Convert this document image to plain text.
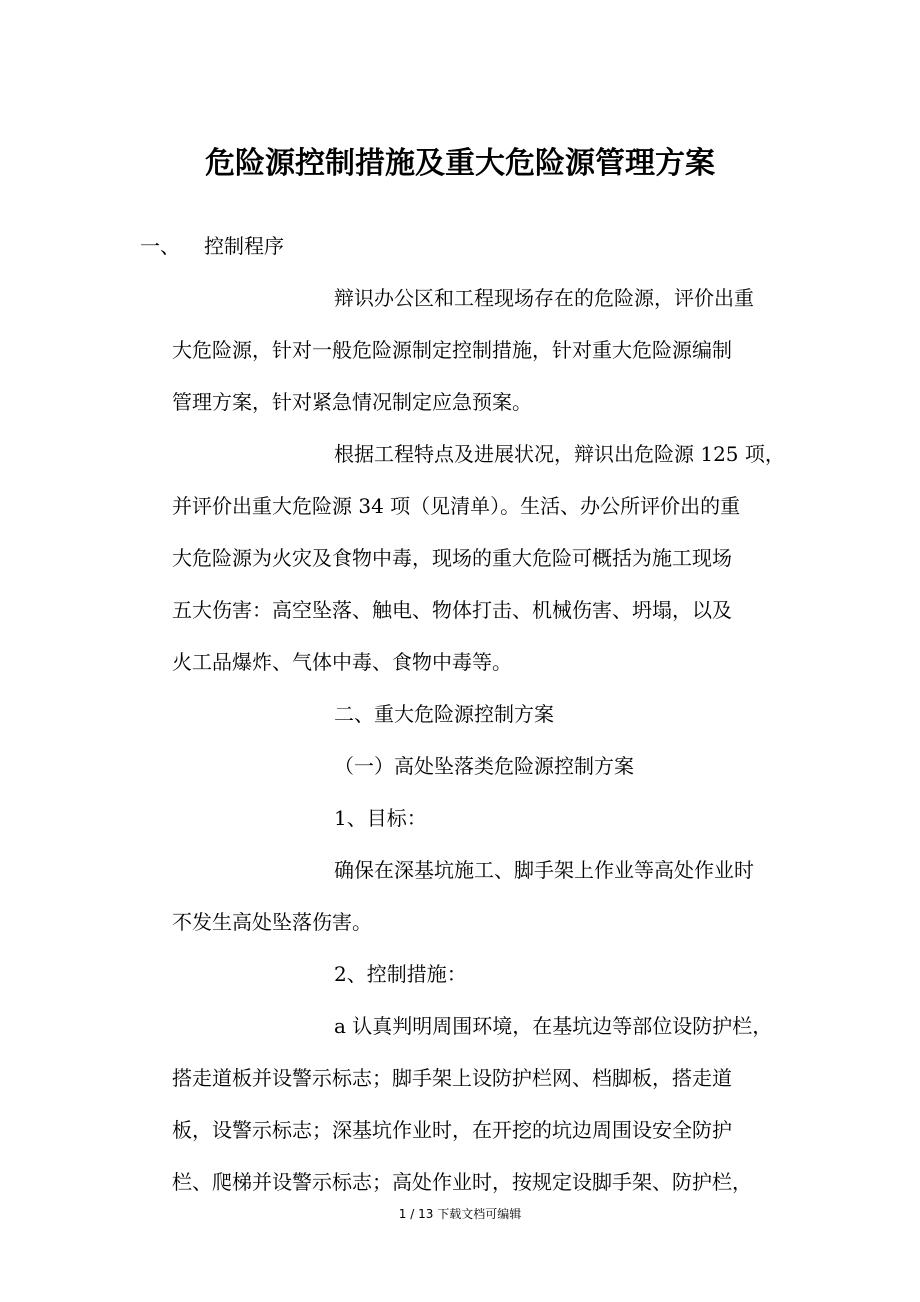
危险源控制措施及重大危险源管理方案
一、 控制程序
辩识办公区和工程现场存在的危险源，评价出重
大危险源，针对一般危险源制定控制措施，针对重大危险源编制
管理方案，针对紧急情况制定应急预案。
根据工程特点及进展状况，辩识出危险源 125 项，
并评价出重大危险源 34 项（见清单）。生活、办公所评价出的重
大危险源为火灾及食物中毒，现场的重大危险可概括为施工现场
五大伤害：高空坠落、触电、物体打击、机械伤害、坍塌，以及
火工品爆炸、气体中毒、食物中毒等。
二、重大危险源控制方案
（一）高处坠落类危险源控制方案
1、目标：
确保在深基坑施工、脚手架上作业等高处作业时
不发生高处坠落伤害。
2、控制措施：
a 认真判明周围环境，在基坑边等部位设防护栏，
搭走道板并设警示标志；脚手架上设防护栏网、档脚板，搭走道
板，设警示标志；深基坑作业时，在开挖的坑边周围设安全防护
栏、爬梯并设警示标志；高处作业时，按规定设脚手架、防护栏，
1 / 13 下载文档可编辑
